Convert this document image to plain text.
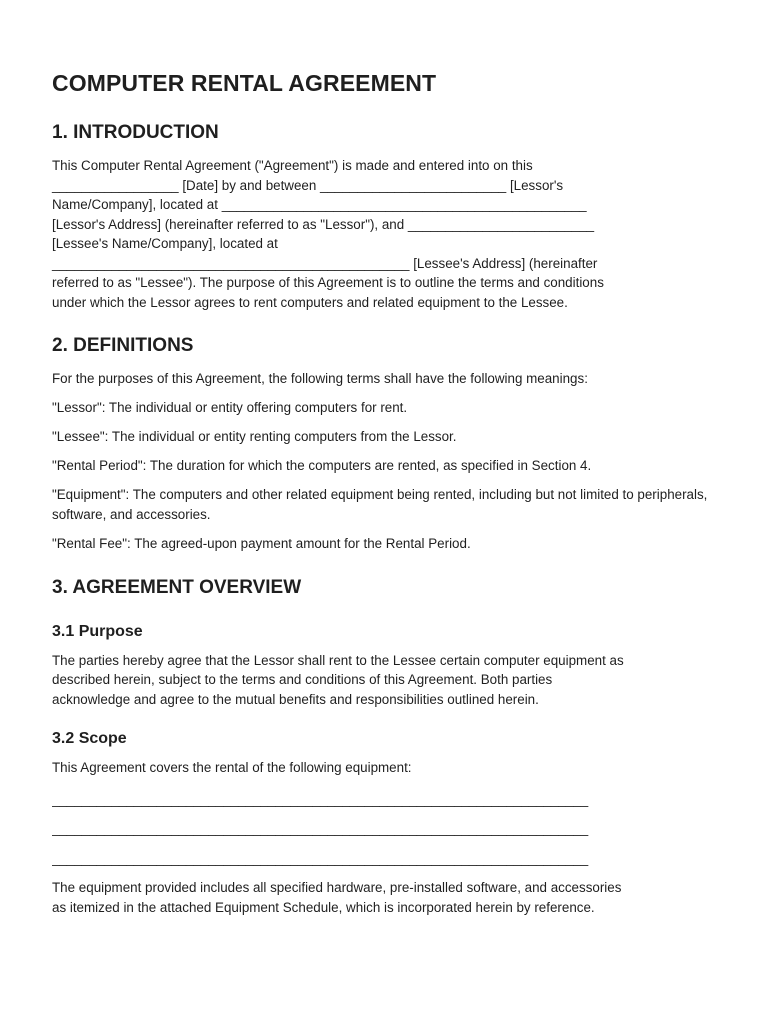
COMPUTER RENTAL AGREEMENT
1. INTRODUCTION

This Computer Rental Agreement ("Agreement") is made and entered into on this

_________________ [Date] by and between _________________________ [Lessor's

Name/Company], located at _________________________________________________

[Lessor's Address] (hereinafter referred to as "Lessor"), and _________________________

[Lessee's Name/Company], located at

________________________________________________ [Lessee's Address] (hereinafter

referred to as "Lessee"). The purpose of this Agreement is to outline the terms and conditions

under which the Lessor agrees to rent computers and related equipment to the Lessee.

2. DEFINITIONS

For the purposes of this Agreement, the following terms shall have the following meanings:

"Lessor": The individual or entity offering computers for rent.

"Lessee": The individual or entity renting computers from the Lessor.

"Rental Period": The duration for which the computers are rented, as specified in Section 4.

"Equipment": The computers and other related equipment being rented, including but not limited to peripherals, software, and accessories.

"Rental Fee": The agreed-upon payment amount for the Rental Period.

3. AGREEMENT OVERVIEW
3.1 Purpose

The parties hereby agree that the Lessor shall rent to the Lessee certain computer equipment as

described herein, subject to the terms and conditions of this Agreement. Both parties

acknowledge and agree to the mutual benefits and responsibilities outlined herein.

3.2 Scope

This Agreement covers the rental of the following equipment:

________________________________________________________________________
________________________________________________________________________
________________________________________________________________________

The equipment provided includes all specified hardware, pre-installed software, and accessories

as itemized in the attached Equipment Schedule, which is incorporated herein by reference.
